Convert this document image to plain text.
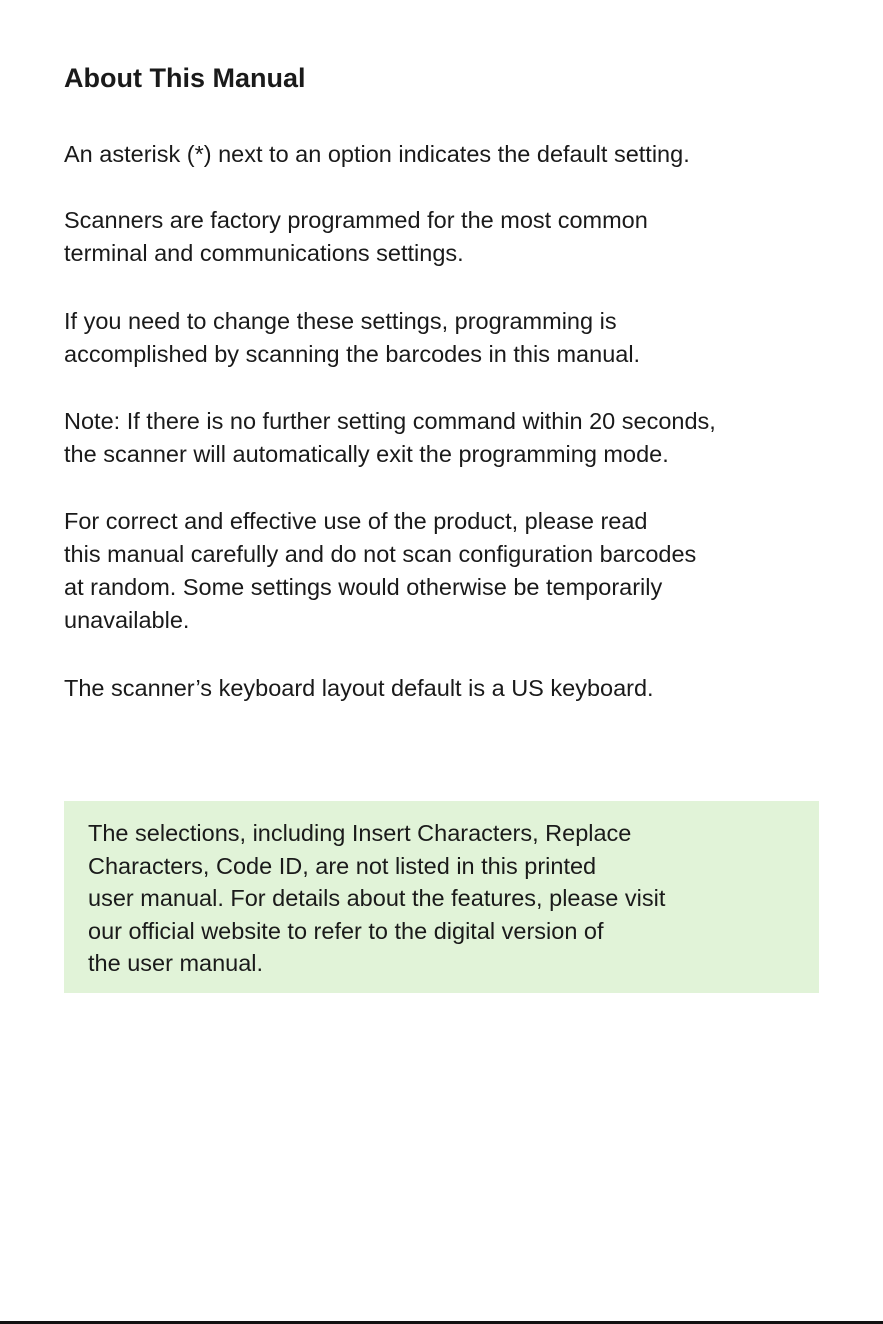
About This Manual

An asterisk (*) next to an option indicates the default setting.

Scanners are factory programmed for the most common
terminal and communications settings.

If you need to change these settings, programming is
accomplished by scanning the barcodes in this manual.

Note: If there is no further setting command within 20 seconds,
the scanner will automatically exit the programming mode.

For correct and effective use of the product, please read
this manual carefully and do not scan configuration barcodes
at random. Some settings would otherwise be temporarily
unavailable.

The scanner’s keyboard layout default is a US keyboard.

The selections, including Insert Characters, Replace
Characters, Code ID, are not listed in this printed
user manual. For details about the features, please visit
our official website to refer to the digital version of
the user manual.
